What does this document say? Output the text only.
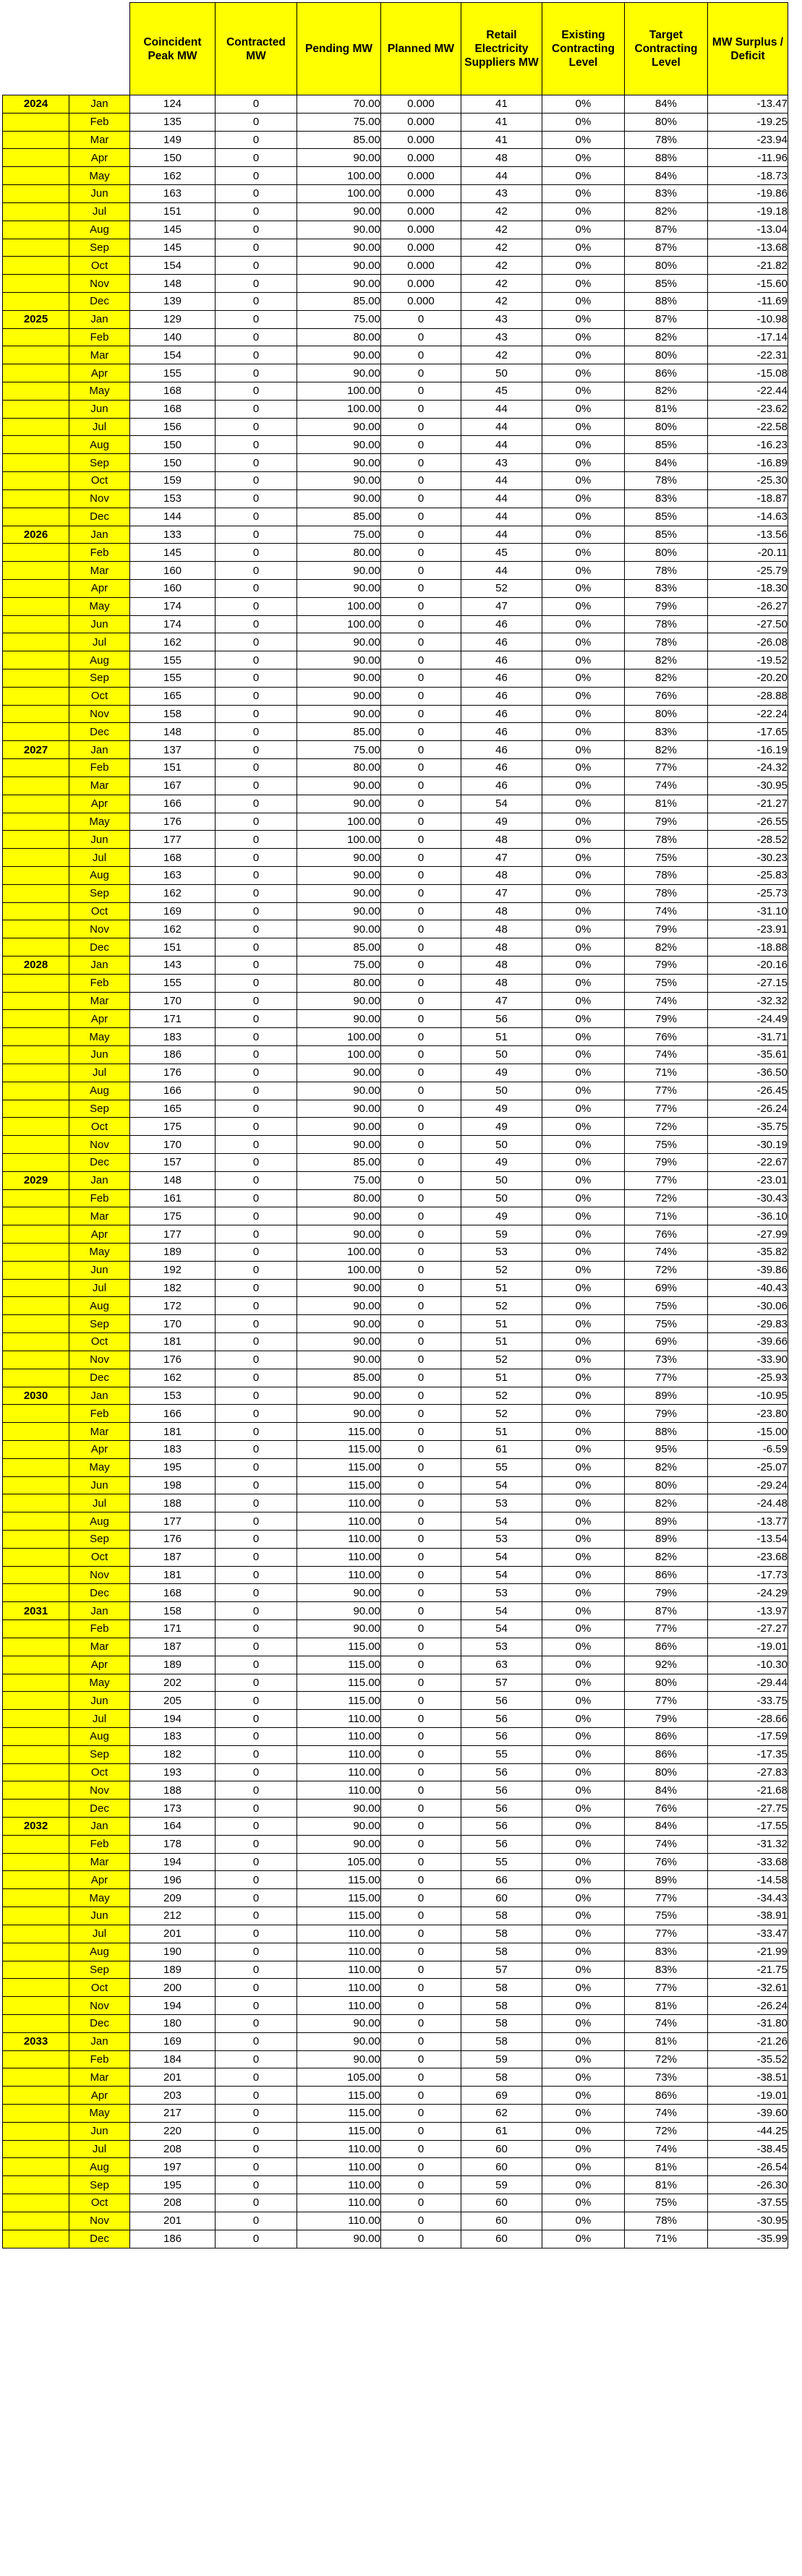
		Coincident Peak MW	Contracted MW	Pending MW	Planned MW	Retail Electricity Suppliers MW	Existing Contracting Level	Target Contracting Level	MW Surplus / Deficit
2024	Jan	124	0	70.00	0.000	41	0%	84%	-13.47
	Feb	135	0	75.00	0.000	41	0%	80%	-19.25
	Mar	149	0	85.00	0.000	41	0%	78%	-23.94
	Apr	150	0	90.00	0.000	48	0%	88%	-11.96
	May	162	0	100.00	0.000	44	0%	84%	-18.73
	Jun	163	0	100.00	0.000	43	0%	83%	-19.86
	Jul	151	0	90.00	0.000	42	0%	82%	-19.18
	Aug	145	0	90.00	0.000	42	0%	87%	-13.04
	Sep	145	0	90.00	0.000	42	0%	87%	-13.68
	Oct	154	0	90.00	0.000	42	0%	80%	-21.82
	Nov	148	0	90.00	0.000	42	0%	85%	-15.60
	Dec	139	0	85.00	0.000	42	0%	88%	-11.69
2025	Jan	129	0	75.00	0	43	0%	87%	-10.98
	Feb	140	0	80.00	0	43	0%	82%	-17.14
	Mar	154	0	90.00	0	42	0%	80%	-22.31
	Apr	155	0	90.00	0	50	0%	86%	-15.08
	May	168	0	100.00	0	45	0%	82%	-22.44
	Jun	168	0	100.00	0	44	0%	81%	-23.62
	Jul	156	0	90.00	0	44	0%	80%	-22.58
	Aug	150	0	90.00	0	44	0%	85%	-16.23
	Sep	150	0	90.00	0	43	0%	84%	-16.89
	Oct	159	0	90.00	0	44	0%	78%	-25.30
	Nov	153	0	90.00	0	44	0%	83%	-18.87
	Dec	144	0	85.00	0	44	0%	85%	-14.63
2026	Jan	133	0	75.00	0	44	0%	85%	-13.56
	Feb	145	0	80.00	0	45	0%	80%	-20.11
	Mar	160	0	90.00	0	44	0%	78%	-25.79
	Apr	160	0	90.00	0	52	0%	83%	-18.30
	May	174	0	100.00	0	47	0%	79%	-26.27
	Jun	174	0	100.00	0	46	0%	78%	-27.50
	Jul	162	0	90.00	0	46	0%	78%	-26.08
	Aug	155	0	90.00	0	46	0%	82%	-19.52
	Sep	155	0	90.00	0	46	0%	82%	-20.20
	Oct	165	0	90.00	0	46	0%	76%	-28.88
	Nov	158	0	90.00	0	46	0%	80%	-22.24
	Dec	148	0	85.00	0	46	0%	83%	-17.65
2027	Jan	137	0	75.00	0	46	0%	82%	-16.19
	Feb	151	0	80.00	0	46	0%	77%	-24.32
	Mar	167	0	90.00	0	46	0%	74%	-30.95
	Apr	166	0	90.00	0	54	0%	81%	-21.27
	May	176	0	100.00	0	49	0%	79%	-26.55
	Jun	177	0	100.00	0	48	0%	78%	-28.52
	Jul	168	0	90.00	0	47	0%	75%	-30.23
	Aug	163	0	90.00	0	48	0%	78%	-25.83
	Sep	162	0	90.00	0	47	0%	78%	-25.73
	Oct	169	0	90.00	0	48	0%	74%	-31.10
	Nov	162	0	90.00	0	48	0%	79%	-23.91
	Dec	151	0	85.00	0	48	0%	82%	-18.88
2028	Jan	143	0	75.00	0	48	0%	79%	-20.16
	Feb	155	0	80.00	0	48	0%	75%	-27.15
	Mar	170	0	90.00	0	47	0%	74%	-32.32
	Apr	171	0	90.00	0	56	0%	79%	-24.49
	May	183	0	100.00	0	51	0%	76%	-31.71
	Jun	186	0	100.00	0	50	0%	74%	-35.61
	Jul	176	0	90.00	0	49	0%	71%	-36.50
	Aug	166	0	90.00	0	50	0%	77%	-26.45
	Sep	165	0	90.00	0	49	0%	77%	-26.24
	Oct	175	0	90.00	0	49	0%	72%	-35.75
	Nov	170	0	90.00	0	50	0%	75%	-30.19
	Dec	157	0	85.00	0	49	0%	79%	-22.67
2029	Jan	148	0	75.00	0	50	0%	77%	-23.01
	Feb	161	0	80.00	0	50	0%	72%	-30.43
	Mar	175	0	90.00	0	49	0%	71%	-36.10
	Apr	177	0	90.00	0	59	0%	76%	-27.99
	May	189	0	100.00	0	53	0%	74%	-35.82
	Jun	192	0	100.00	0	52	0%	72%	-39.86
	Jul	182	0	90.00	0	51	0%	69%	-40.43
	Aug	172	0	90.00	0	52	0%	75%	-30.06
	Sep	170	0	90.00	0	51	0%	75%	-29.83
	Oct	181	0	90.00	0	51	0%	69%	-39.66
	Nov	176	0	90.00	0	52	0%	73%	-33.90
	Dec	162	0	85.00	0	51	0%	77%	-25.93
2030	Jan	153	0	90.00	0	52	0%	89%	-10.95
	Feb	166	0	90.00	0	52	0%	79%	-23.80
	Mar	181	0	115.00	0	51	0%	88%	-15.00
	Apr	183	0	115.00	0	61	0%	95%	-6.59
	May	195	0	115.00	0	55	0%	82%	-25.07
	Jun	198	0	115.00	0	54	0%	80%	-29.24
	Jul	188	0	110.00	0	53	0%	82%	-24.48
	Aug	177	0	110.00	0	54	0%	89%	-13.77
	Sep	176	0	110.00	0	53	0%	89%	-13.54
	Oct	187	0	110.00	0	54	0%	82%	-23.68
	Nov	181	0	110.00	0	54	0%	86%	-17.73
	Dec	168	0	90.00	0	53	0%	79%	-24.29
2031	Jan	158	0	90.00	0	54	0%	87%	-13.97
	Feb	171	0	90.00	0	54	0%	77%	-27.27
	Mar	187	0	115.00	0	53	0%	86%	-19.01
	Apr	189	0	115.00	0	63	0%	92%	-10.30
	May	202	0	115.00	0	57	0%	80%	-29.44
	Jun	205	0	115.00	0	56	0%	77%	-33.75
	Jul	194	0	110.00	0	56	0%	79%	-28.66
	Aug	183	0	110.00	0	56	0%	86%	-17.59
	Sep	182	0	110.00	0	55	0%	86%	-17.35
	Oct	193	0	110.00	0	56	0%	80%	-27.83
	Nov	188	0	110.00	0	56	0%	84%	-21.68
	Dec	173	0	90.00	0	56	0%	76%	-27.75
2032	Jan	164	0	90.00	0	56	0%	84%	-17.55
	Feb	178	0	90.00	0	56	0%	74%	-31.32
	Mar	194	0	105.00	0	55	0%	76%	-33.68
	Apr	196	0	115.00	0	66	0%	89%	-14.58
	May	209	0	115.00	0	60	0%	77%	-34.43
	Jun	212	0	115.00	0	58	0%	75%	-38.91
	Jul	201	0	110.00	0	58	0%	77%	-33.47
	Aug	190	0	110.00	0	58	0%	83%	-21.99
	Sep	189	0	110.00	0	57	0%	83%	-21.75
	Oct	200	0	110.00	0	58	0%	77%	-32.61
	Nov	194	0	110.00	0	58	0%	81%	-26.24
	Dec	180	0	90.00	0	58	0%	74%	-31.80
2033	Jan	169	0	90.00	0	58	0%	81%	-21.26
	Feb	184	0	90.00	0	59	0%	72%	-35.52
	Mar	201	0	105.00	0	58	0%	73%	-38.51
	Apr	203	0	115.00	0	69	0%	86%	-19.01
	May	217	0	115.00	0	62	0%	74%	-39.60
	Jun	220	0	115.00	0	61	0%	72%	-44.25
	Jul	208	0	110.00	0	60	0%	74%	-38.45
	Aug	197	0	110.00	0	60	0%	81%	-26.54
	Sep	195	0	110.00	0	59	0%	81%	-26.30
	Oct	208	0	110.00	0	60	0%	75%	-37.55
	Nov	201	0	110.00	0	60	0%	78%	-30.95
	Dec	186	0	90.00	0	60	0%	71%	-35.99
